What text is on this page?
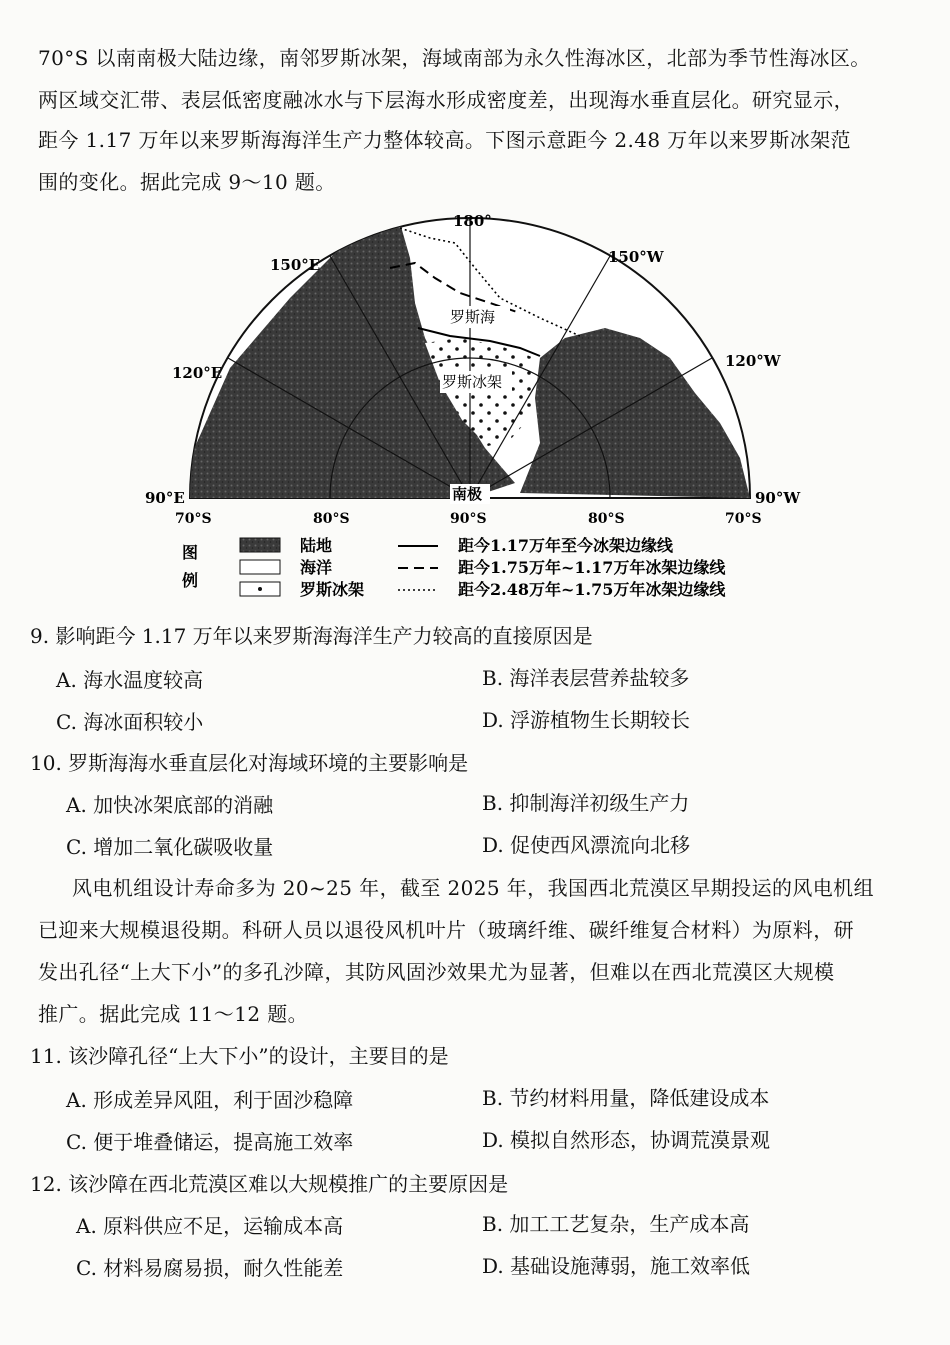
70°S 以南南极大陆边缘，南邻罗斯冰架，海域南部为永久性海冰区，北部为季节性海冰区。
两区域交汇带、表层低密度融冰水与下层海水形成密度差，出现海水垂直层化。研究显示，
距今 1.17 万年以来罗斯海海洋生产力整体较高。下图示意距今 2.48 万年以来罗斯冰架范
围的变化。据此完成 9～10 题。
180°
150°E	150°W
120°E
120°W
90°E	90°W
70°S	80°S	90°S	80°S	70°S
罗斯海
罗斯冰架
南极
图
例
陆地
海洋
罗斯冰架
距今1.17万年至今冰架边缘线
距今1.75万年~1.17万年冰架边缘线
距今2.48万年~1.75万年冰架边缘线
9. 影响距今 1.17 万年以来罗斯海海洋生产力较高的直接原因是
A. 海水温度较高	B. 海洋表层营养盐较多
C. 海冰面积较小	D. 浮游植物生长期较长
10. 罗斯海海水垂直层化对海域环境的主要影响是
A. 加快冰架底部的消融	B. 抑制海洋初级生产力
C. 增加二氧化碳吸收量	D. 促使西风漂流向北移
风电机组设计寿命多为 20~25 年，截至 2025 年，我国西北荒漠区早期投运的风电机组
已迎来大规模退役期。科研人员以退役风机叶片（玻璃纤维、碳纤维复合材料）为原料，研
发出孔径“上大下小”的多孔沙障，其防风固沙效果尤为显著，但难以在西北荒漠区大规模
推广。据此完成 11～12 题。
11. 该沙障孔径“上大下小”的设计，主要目的是
A. 形成差异风阻，利于固沙稳障	B. 节约材料用量，降低建设成本
C. 便于堆叠储运，提高施工效率	D. 模拟自然形态，协调荒漠景观
12. 该沙障在西北荒漠区难以大规模推广的主要原因是
A. 原料供应不足，运输成本高	B. 加工工艺复杂，生产成本高
C. 材料易腐易损，耐久性能差	D. 基础设施薄弱，施工效率低
